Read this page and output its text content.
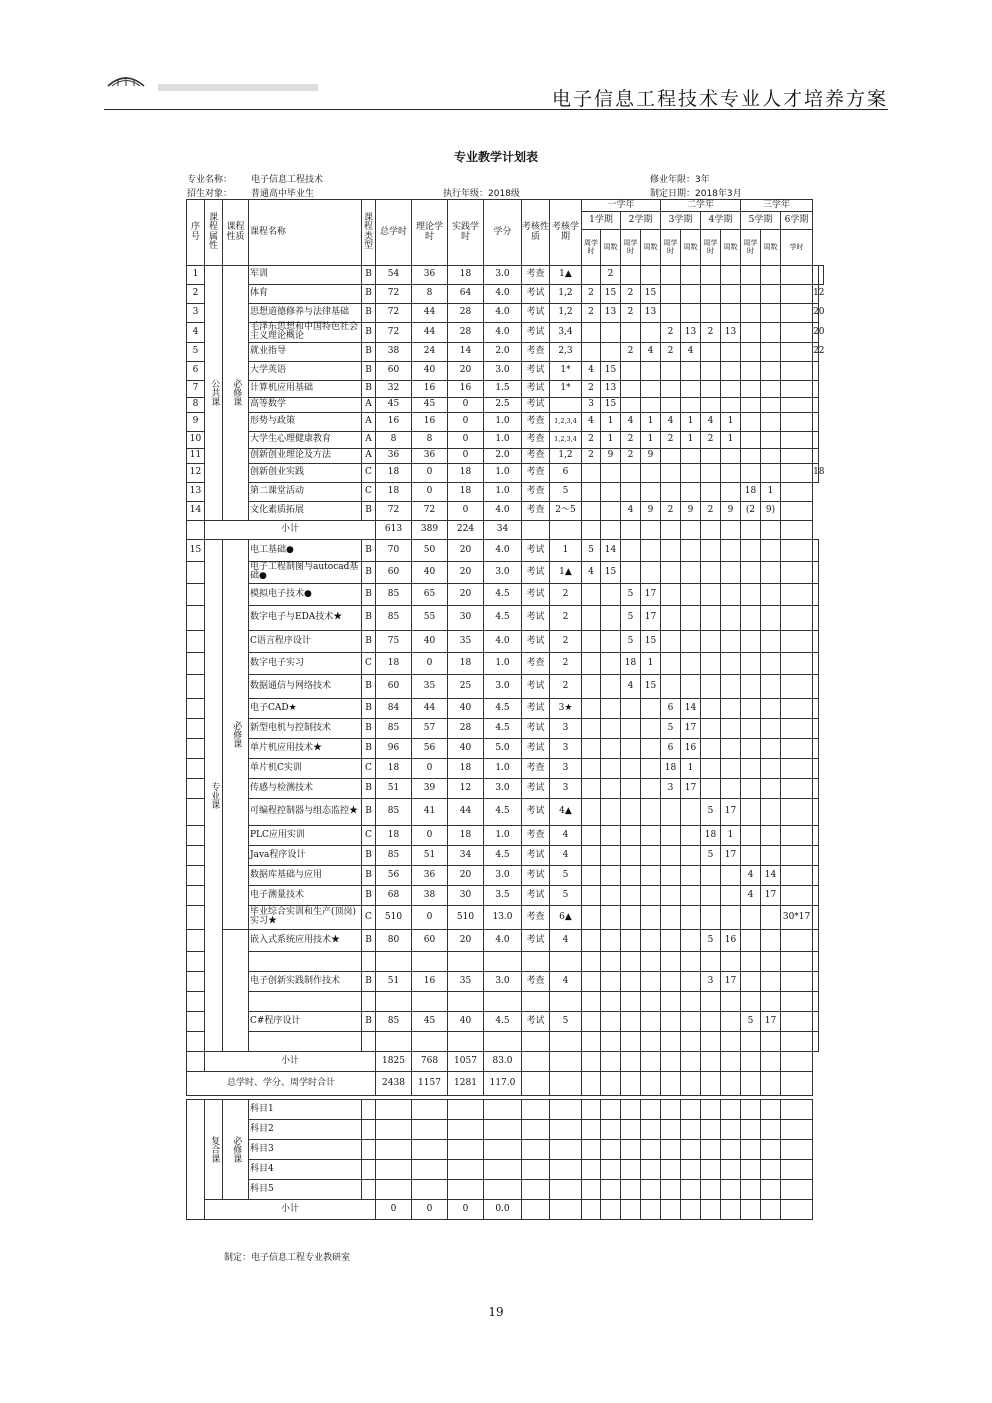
电子信息工程技术专业人才培养方案
专业教学计划表
专业名称： 电子信息工程技术	修业年限：3年
招生对象： 普通高中毕业生	执行年级：2018级	制定日期：2018年3月
序号	课程属性	课程性质	课程名称	课程类型	总学时	理论学时	实践学时	学分	考核性质	考核学期	一学年				二学年				三学年				
											1学期		2学期		3学期		4学期		5学期		6学期		
											周学时	周数	周学时	周数	周学时	周数	周学时	周数	周学时	周数	学时		
1	公共课	必修课	军训	B	54	36	18	3.0	考查	1▲		2											
2			体育	B	72	8	64	4.0	考试	1,2	2	15	2	15								12	
3			思想道德修养与法律基础	B	72	44	28	4.0	考试	1,2	2	13	2	13								20	
4			毛泽东思想和中国特色社会主义理论概论	B	72	44	28	4.0	考试	3,4					2	13	2	13				20	
5			就业指导	B	38	24	14	2.0	考查	2,3			2	4	2	4						22	
6			大学英语	B	60	40	20	3.0	考试	1*	4	15											
7			计算机应用基础	B	32	16	16	1.5	考试	1*	2	13											
8			高等数学	A	45	45	0	2.5	考试		3	15											
9			形势与政策	A	16	16	0	1.0	考查	1,2,3,4	4	1	4	1	4	1	4	1					
10			大学生心理健康教育	A	8	8	0	1.0	考查	1,2,3,4	2	1	2	1	2	1	2	1					
11			创新创业理论及方法	A	36	36	0	2.0	考查	1,2	2	9	2	9									
12			创新创业实践	C	18	0	18	1.0	考查	6												18	
13			第二课堂活动	C	18	0	18	1.0	考查	5									18	1			
14			文化素质拓展	B	72	72	0	4.0	考查	2～5			4	9	2	9	2	9	(2	9)			
	小计				613	389	224	34															
15	专业课	必修课	电工基础●	B	70	50	20	4.0	考试	1	5	14											
			电子工程制图与autocad基础●	B	60	40	20	3.0	考试	1▲	4	15											
			模拟电子技术●	B	85	65	20	4.5	考试	2			5	17									
			数字电子与EDA技术★	B	85	55	30	4.5	考试	2			5	17									
			C语言程序设计	B	75	40	35	4.0	考试	2			5	15									
			数字电子实习	C	18	0	18	1.0	考查	2			18	1									
			数据通信与网络技术	B	60	35	25	3.0	考试	2			4	15									
			电子CAD★	B	84	44	40	4.5	考试	3★					6	14							
			新型电机与控制技术	B	85	57	28	4.5	考试	3					5	17							
			单片机应用技术★	B	96	56	40	5.0	考试	3					6	16							
			单片机C实训	C	18	0	18	1.0	考查	3					18	1							
			传感与检测技术	B	51	39	12	3.0	考试	3					3	17							
			可编程控制器与组态监控★	B	85	41	44	4.5	考试	4▲							5	17					
			PLC应用实训	C	18	0	18	1.0	考查	4							18	1					
			Java程序设计	B	85	51	34	4.5	考试	4							5	17					
			数据库基础与应用	B	56	36	20	3.0	考试	5									4	14			
			电子测量技术	B	68	38	30	3.5	考试	5									4	17			
			毕业综合实训和生产(顶岗)实习★	C	510	0	510	13.0	考查	6▲											30*17		
			嵌入式系统应用技术★	B	80	60	20	4.0	考试	4							5	16					

			电子创新实践制作技术	B	51	16	35	3.0	考查	4							3	17					

			C#程序设计	B	85	45	40	4.5	考试	5									5	17			

	小计				1825	768	1057	83.0															
总学时、学分、周学时合计					2438	1157	1281	117.0															

	复合课	必修课	科目1																				
			科目2																				
			科目3																				
			科目4																				
			科目5																				
	小计				0	0	0	0.0															
制定：电子信息工程专业教研室
19
